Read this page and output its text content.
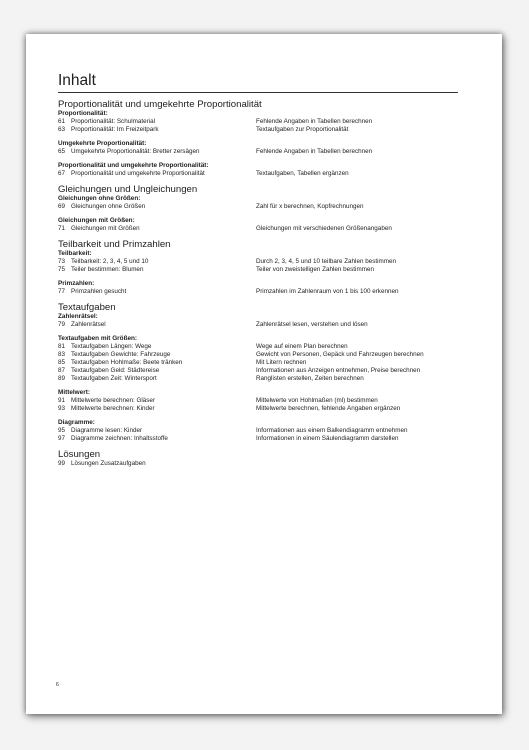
Inhalt
Proportionalität und umgekehrte Proportionalität
Proportionalität:
61 Proportionalität: Schulmaterial	Fehlende Angaben in Tabellen berechnen
63 Proportionalität: Im Freizeitpark	Textaufgaben zur Proportionalität
Umgekehrte Proportionalität:
65 Umgekehrte Proportionalität: Bretter zersägen	Fehlende Angaben in Tabellen berechnen
Proportionalität und umgekehrte Proportionalität:
67 Proportionalität und umgekehrte Proportionalität	Textaufgaben, Tabellen ergänzen
Gleichungen und Ungleichungen
Gleichungen ohne Größen:
69 Gleichungen ohne Größen	Zahl für x berechnen, Kopfrechnungen
Gleichungen mit Größen:
71 Gleichungen mit Größen	Gleichungen mit verschiedenen Größenangaben
Teilbarkeit und Primzahlen
Teilbarkeit:
73 Teilbarkeit: 2, 3, 4, 5 und 10	Durch 2, 3, 4, 5 und 10 teilbare Zahlen bestimmen
75 Teiler bestimmen: Blumen	Teiler von zweistelligen Zahlen bestimmen
Primzahlen:
77 Primzahlen gesucht	Primzahlen im Zahlenraum von 1 bis 100 erkennen
Textaufgaben
Zahlenrätsel:
79 Zahlenrätsel	Zahlenrätsel lesen, verstehen und lösen
Textaufgaben mit Größen:
81 Textaufgaben Längen: Wege	Wege auf einem Plan berechnen
83 Textaufgaben Gewichte: Fahrzeuge	Gewicht von Personen, Gepäck und Fahrzeugen berechnen
85 Textaufgaben Hohlmaße: Beete tränken	Mit Litern rechnen
87 Textaufgaben Geld: Städtereise	Informationen aus Anzeigen entnehmen, Preise berechnen
89 Textaufgaben Zeit: Wintersport	Ranglisten erstellen, Zeiten berechnen
Mittelwert:
91 Mittelwerte berechnen: Gläser	Mittelwerte von Hohlmaßen (ml) bestimmen
93 Mittelwerte berechnen: Kinder	Mittelwerte berechnen, fehlende Angaben ergänzen
Diagramme:
95 Diagramme lesen: Kinder	Informationen aus einem Balkendiagramm entnehmen
97 Diagramme zeichnen: Inhaltsstoffe	Informationen in einem Säulendiagramm darstellen
Lösungen
99 Lösungen Zusatzaufgaben
6
